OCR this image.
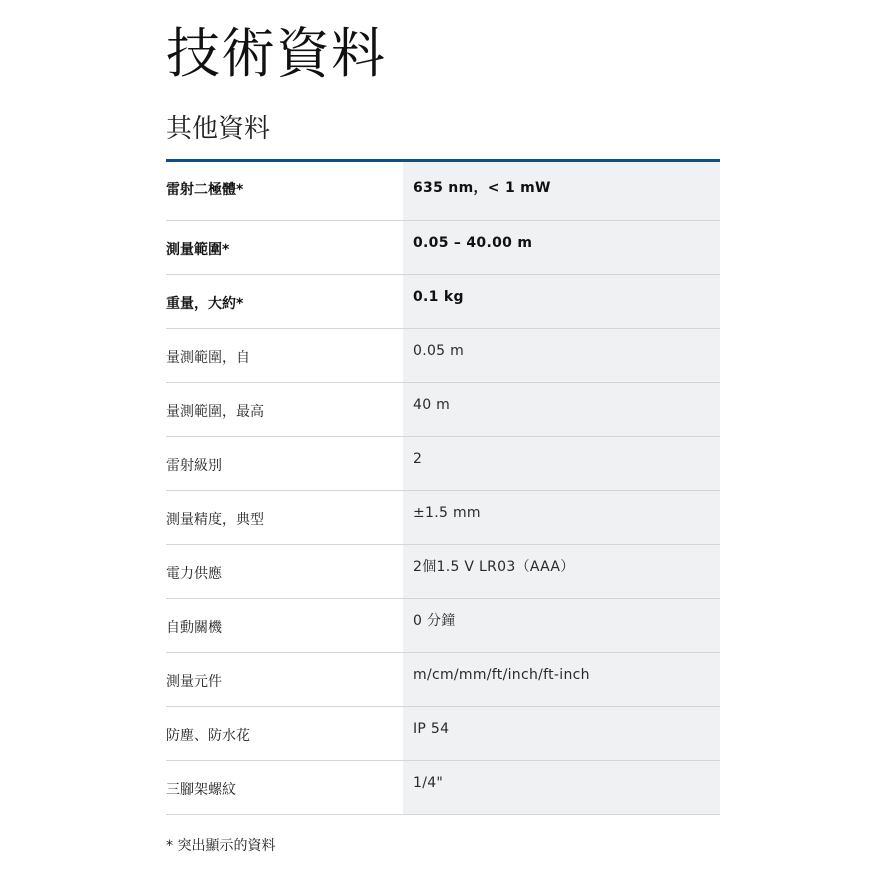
技術資料
其他資料
雷射二極體*	635 nm，< 1 mW
測量範圍*	0.05 – 40.00 m
重量，大約*	0.1 kg
量測範圍，自	0.05 m
量測範圍，最高	40 m
雷射級別	2
測量精度，典型	±1.5 mm
電力供應	2個1.5 V LR03（AAA）
自動關機	0 分鐘
測量元件	m/cm/mm/ft/inch/ft-inch
防塵、防水花	IP 54
三腳架螺紋	1/4"
* 突出顯示的資料
